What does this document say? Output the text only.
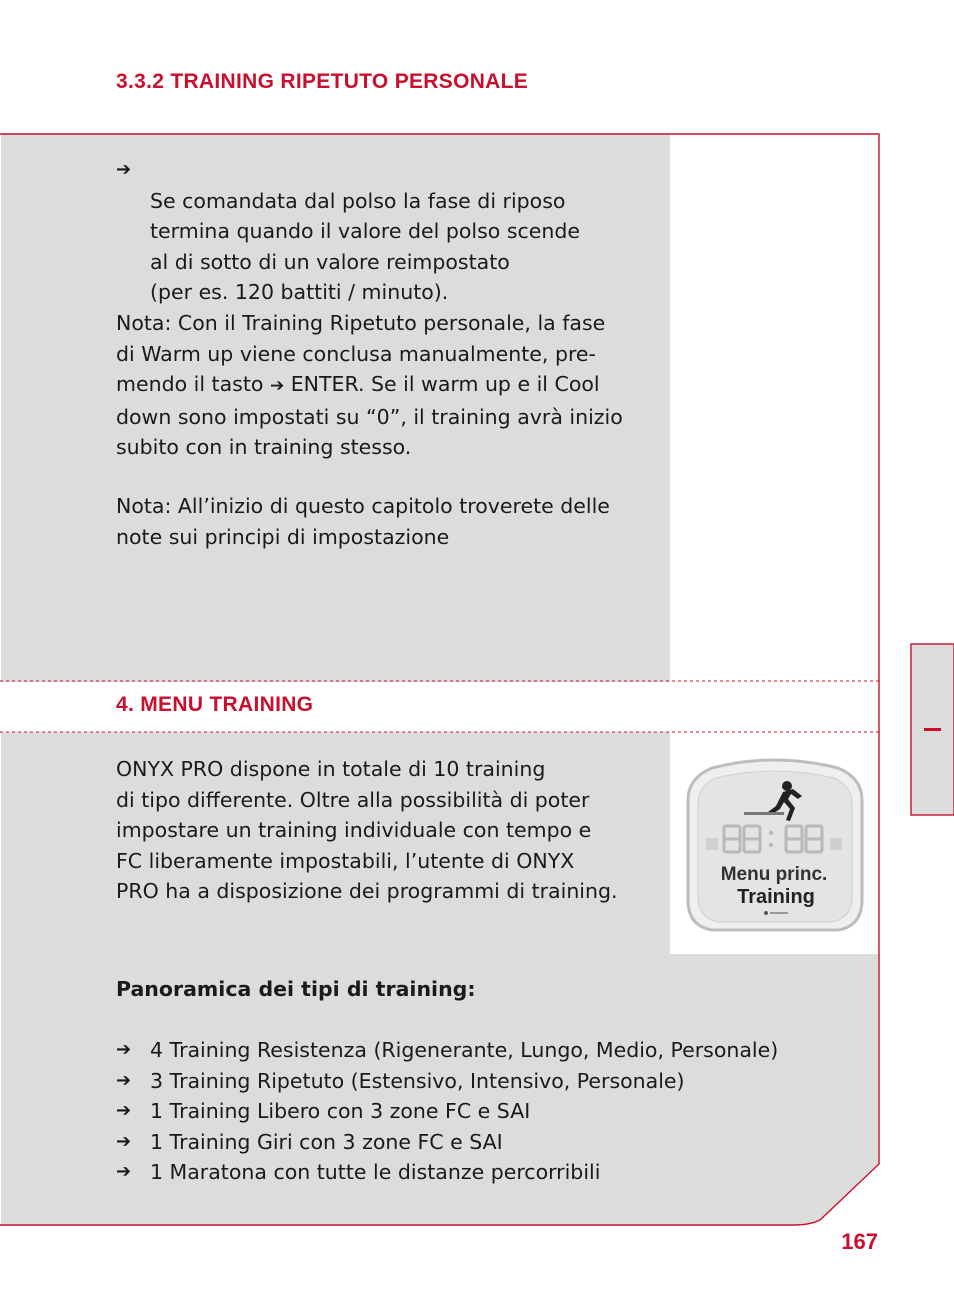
Menu princ.
Training
3.3.2 TRAINING RIPETUTO PERSONALE

➔
Se comandata dal polso la fase di riposo
termina quando il valore del polso scende
al di sotto di un valore reimpostato
(per es. 120 battiti / minuto).

Nota: Con il Training Ripetuto personale, la fase
di Warm up viene conclusa manualmente, pre-
mendo il tasto ➔ ENTER. Se il warm up e il Cool
down sono impostati su “0”, il training avrà inizio
subito con in training stesso.
Nota: All’inizio di questo capitolo troverete delle
note sui principi di impostazione
4. MENU TRAINING
ONYX PRO dispone in totale di 10 training
di tipo differente. Oltre alla possibilità di poter
impostare un training individuale con tempo e
FC liberamente impostabili, l’utente di ONYX
PRO ha a disposizione dei programmi di training.
Panoramica dei tipi di training:
➔ 4 Training Resistenza (Rigenerante, Lungo, Medio, Personale)
➔ 3 Training Ripetuto (Estensivo, Intensivo, Personale)
➔ 1 Training Libero con 3 zone FC e SAI
➔ 1 Training Giri con 3 zone FC e SAI
➔ 1 Maratona con tutte le distanze percorribili
167
